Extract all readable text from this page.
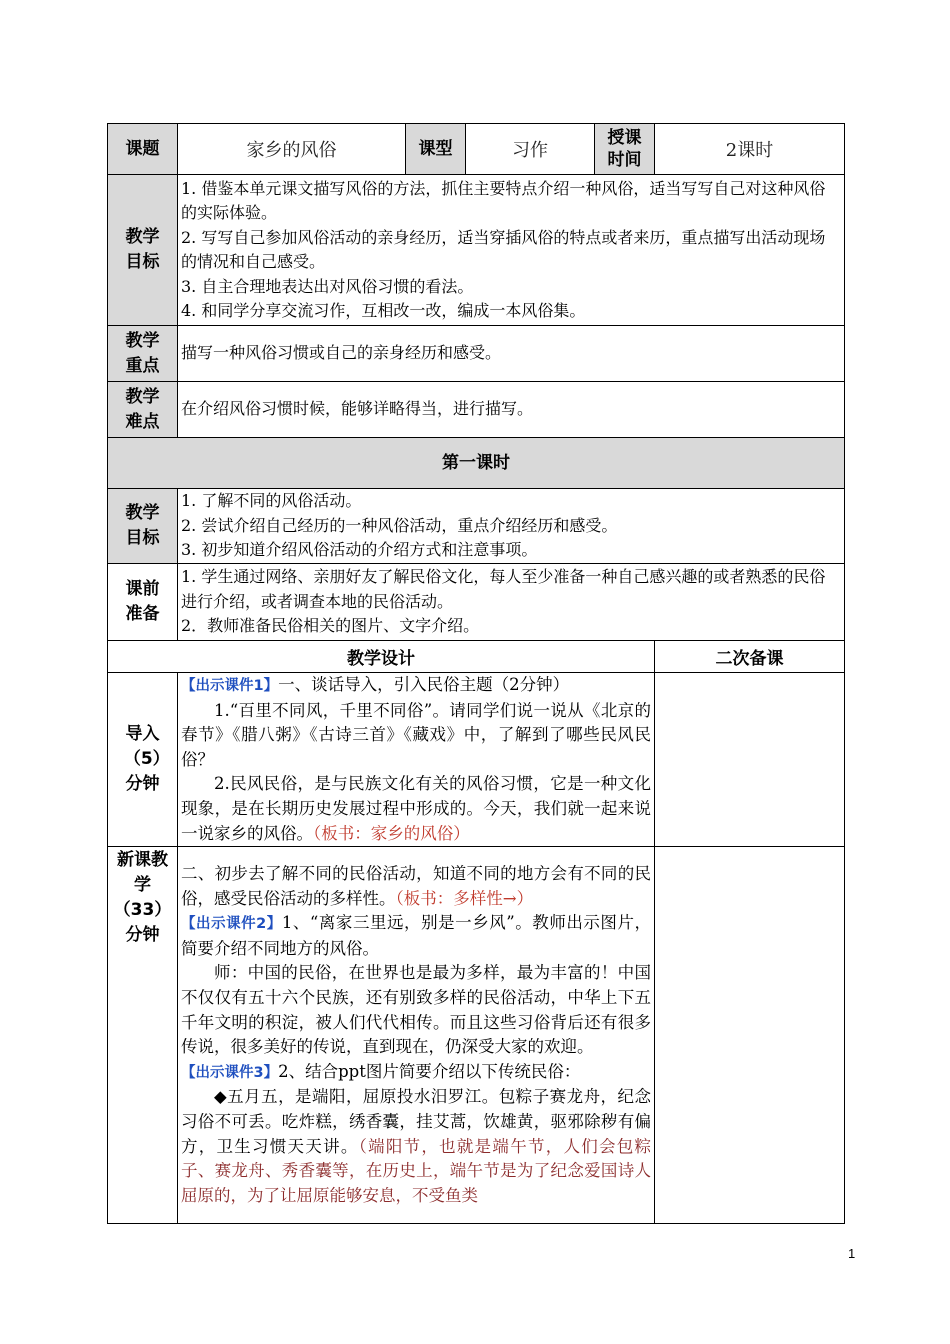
课题	家乡的风俗	课型	习作	授课时间	2课时
教学目标	1. 借鉴本单元课文描写风俗的方法，抓住主要特点介绍一种风俗，适当写写自己对这种风俗的实际体验。

2. 写写自己参加风俗活动的亲身经历，适当穿插风俗的特点或者来历，重点描写出活动现场的情况和自己感受。

3. 自主合理地表达出对风俗习惯的看法。

4. 和同学分享交流习作，互相改一改，编成一本风俗集。				

教学重点	描写一种风俗习惯或自己的亲身经历和感受。				
教学难点	在介绍风俗习惯时候，能够详略得当，进行描写。				
第一课时					
教学目标	1. 了解不同的风俗活动。

2. 尝试介绍自己经历的一种风俗活动，重点介绍经历和感受。

3. 初步知道介绍风俗活动的介绍方式和注意事项。				

课前准备	1. 学生通过网络、亲朋好友了解民俗文化，每人至少准备一种自己感兴趣的或者熟悉的民俗进行介绍，或者调查本地的民俗活动。

2．教师准备民俗相关的图片、文字介绍。				

教学设计					二次备课
导入（5）分钟	【出示课件1】一、谈话导入，引入民俗主题（2分钟）

1.“百里不同风，千里不同俗”。请同学们说一说从《北京的春节》《腊八粥》《古诗三首》《藏戏》中，了解到了哪些民风民俗？

2.民风民俗，是与民族文化有关的风俗习惯，它是一种文化现象，是在长期历史发展过程中形成的。今天，我们就一起来说一说家乡的风俗。（板书：家乡的风俗）				

新课教学（33）分钟	二、初步去了解不同的民俗活动，知道不同的地方会有不同的民俗，感受民俗活动的多样性。（板书：多样性→）

【出示课件2】1、“离家三里远，别是一乡风”。教师出示图片，简要介绍不同地方的风俗。

师：中国的民俗，在世界也是最为多样，最为丰富的！中国不仅仅有五十六个民族，还有别致多样的民俗活动，中华上下五千年文明的积淀，被人们代代相传。而且这些习俗背后还有很多传说，很多美好的传说，直到现在，仍深受大家的欢迎。

【出示课件3】2、结合ppt图片简要介绍以下传统民俗：

◆五月五，是端阳，屈原投水汨罗江。包粽子赛龙舟，纪念习俗不可丢。吃炸糕，绣香囊，挂艾蒿，饮雄黄，驱邪除秽有偏方，卫生习惯天天讲。（端阳节，也就是端午节，人们会包粽子、赛龙舟、秀香囊等，在历史上，端午节是为了纪念爱国诗人屈原的，为了让屈原能够安息，不受鱼类				

1
